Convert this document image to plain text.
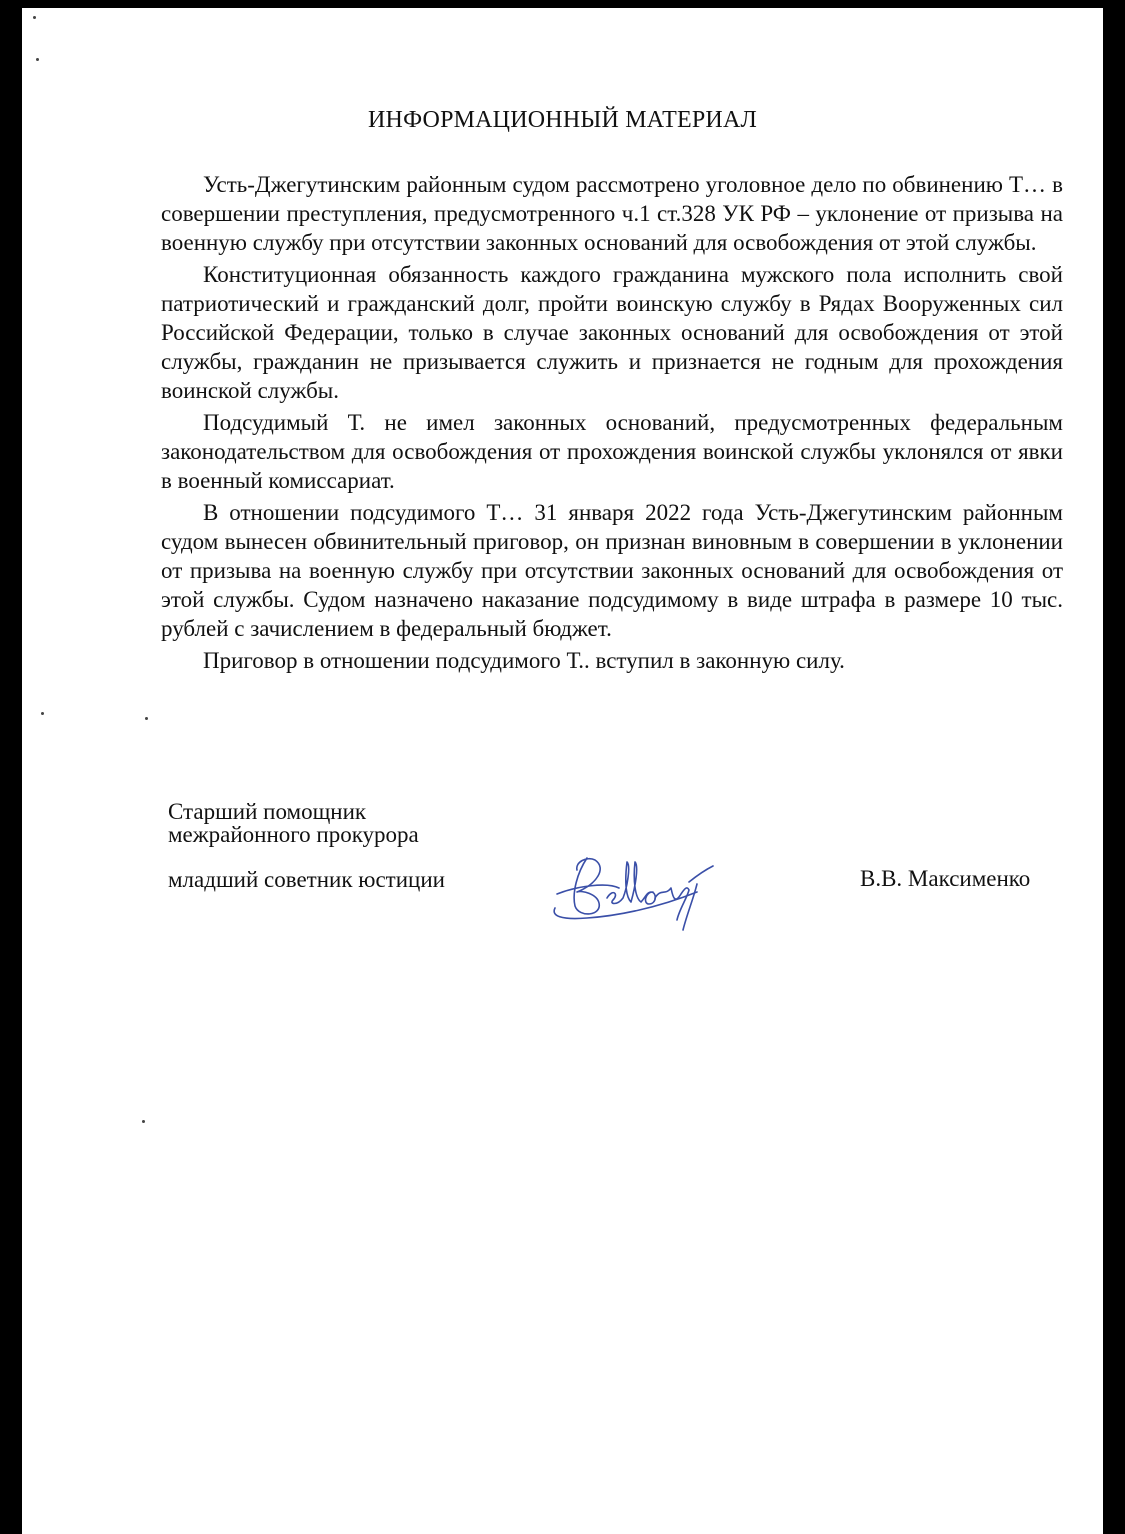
ИНФОРМАЦИОННЫЙ МАТЕРИАЛ

Усть-Джегутинским районным судом рассмотрено уголовное дело по обвинению Т… в совершении преступления, предусмотренного ч.1 ст.328 УК РФ – уклонение от призыва на военную службу при отсутствии законных оснований для освобождения от этой службы.

Конституционная обязанность каждого гражданина мужского пола исполнить свой патриотический и гражданский долг, пройти воинскую службу в Рядах Вооруженных сил Российской Федерации, только в случае законных оснований для освобождения от этой службы, гражданин не призывается служить и признается не годным для прохождения воинской службы.

Подсудимый Т. не имел законных оснований, предусмотренных федеральным законодательством для освобождения от прохождения воинской службы уклонялся от явки в военный комиссариат.

В отношении подсудимого Т… 31 января 2022 года Усть-Джегутинским районным судом вынесен обвинительный приговор, он признан виновным в совершении в уклонении от призыва на военную службу при отсутствии законных оснований для освобождения от этой службы. Судом назначено наказание подсудимому в виде штрафа в размере 10 тыс. рублей с зачислением в федеральный бюджет.

Приговор в отношении подсудимого Т.. вступил в законную силу.

Старший помощник

межрайонного прокурора

младший советник юстиции	В.В. Максименко
